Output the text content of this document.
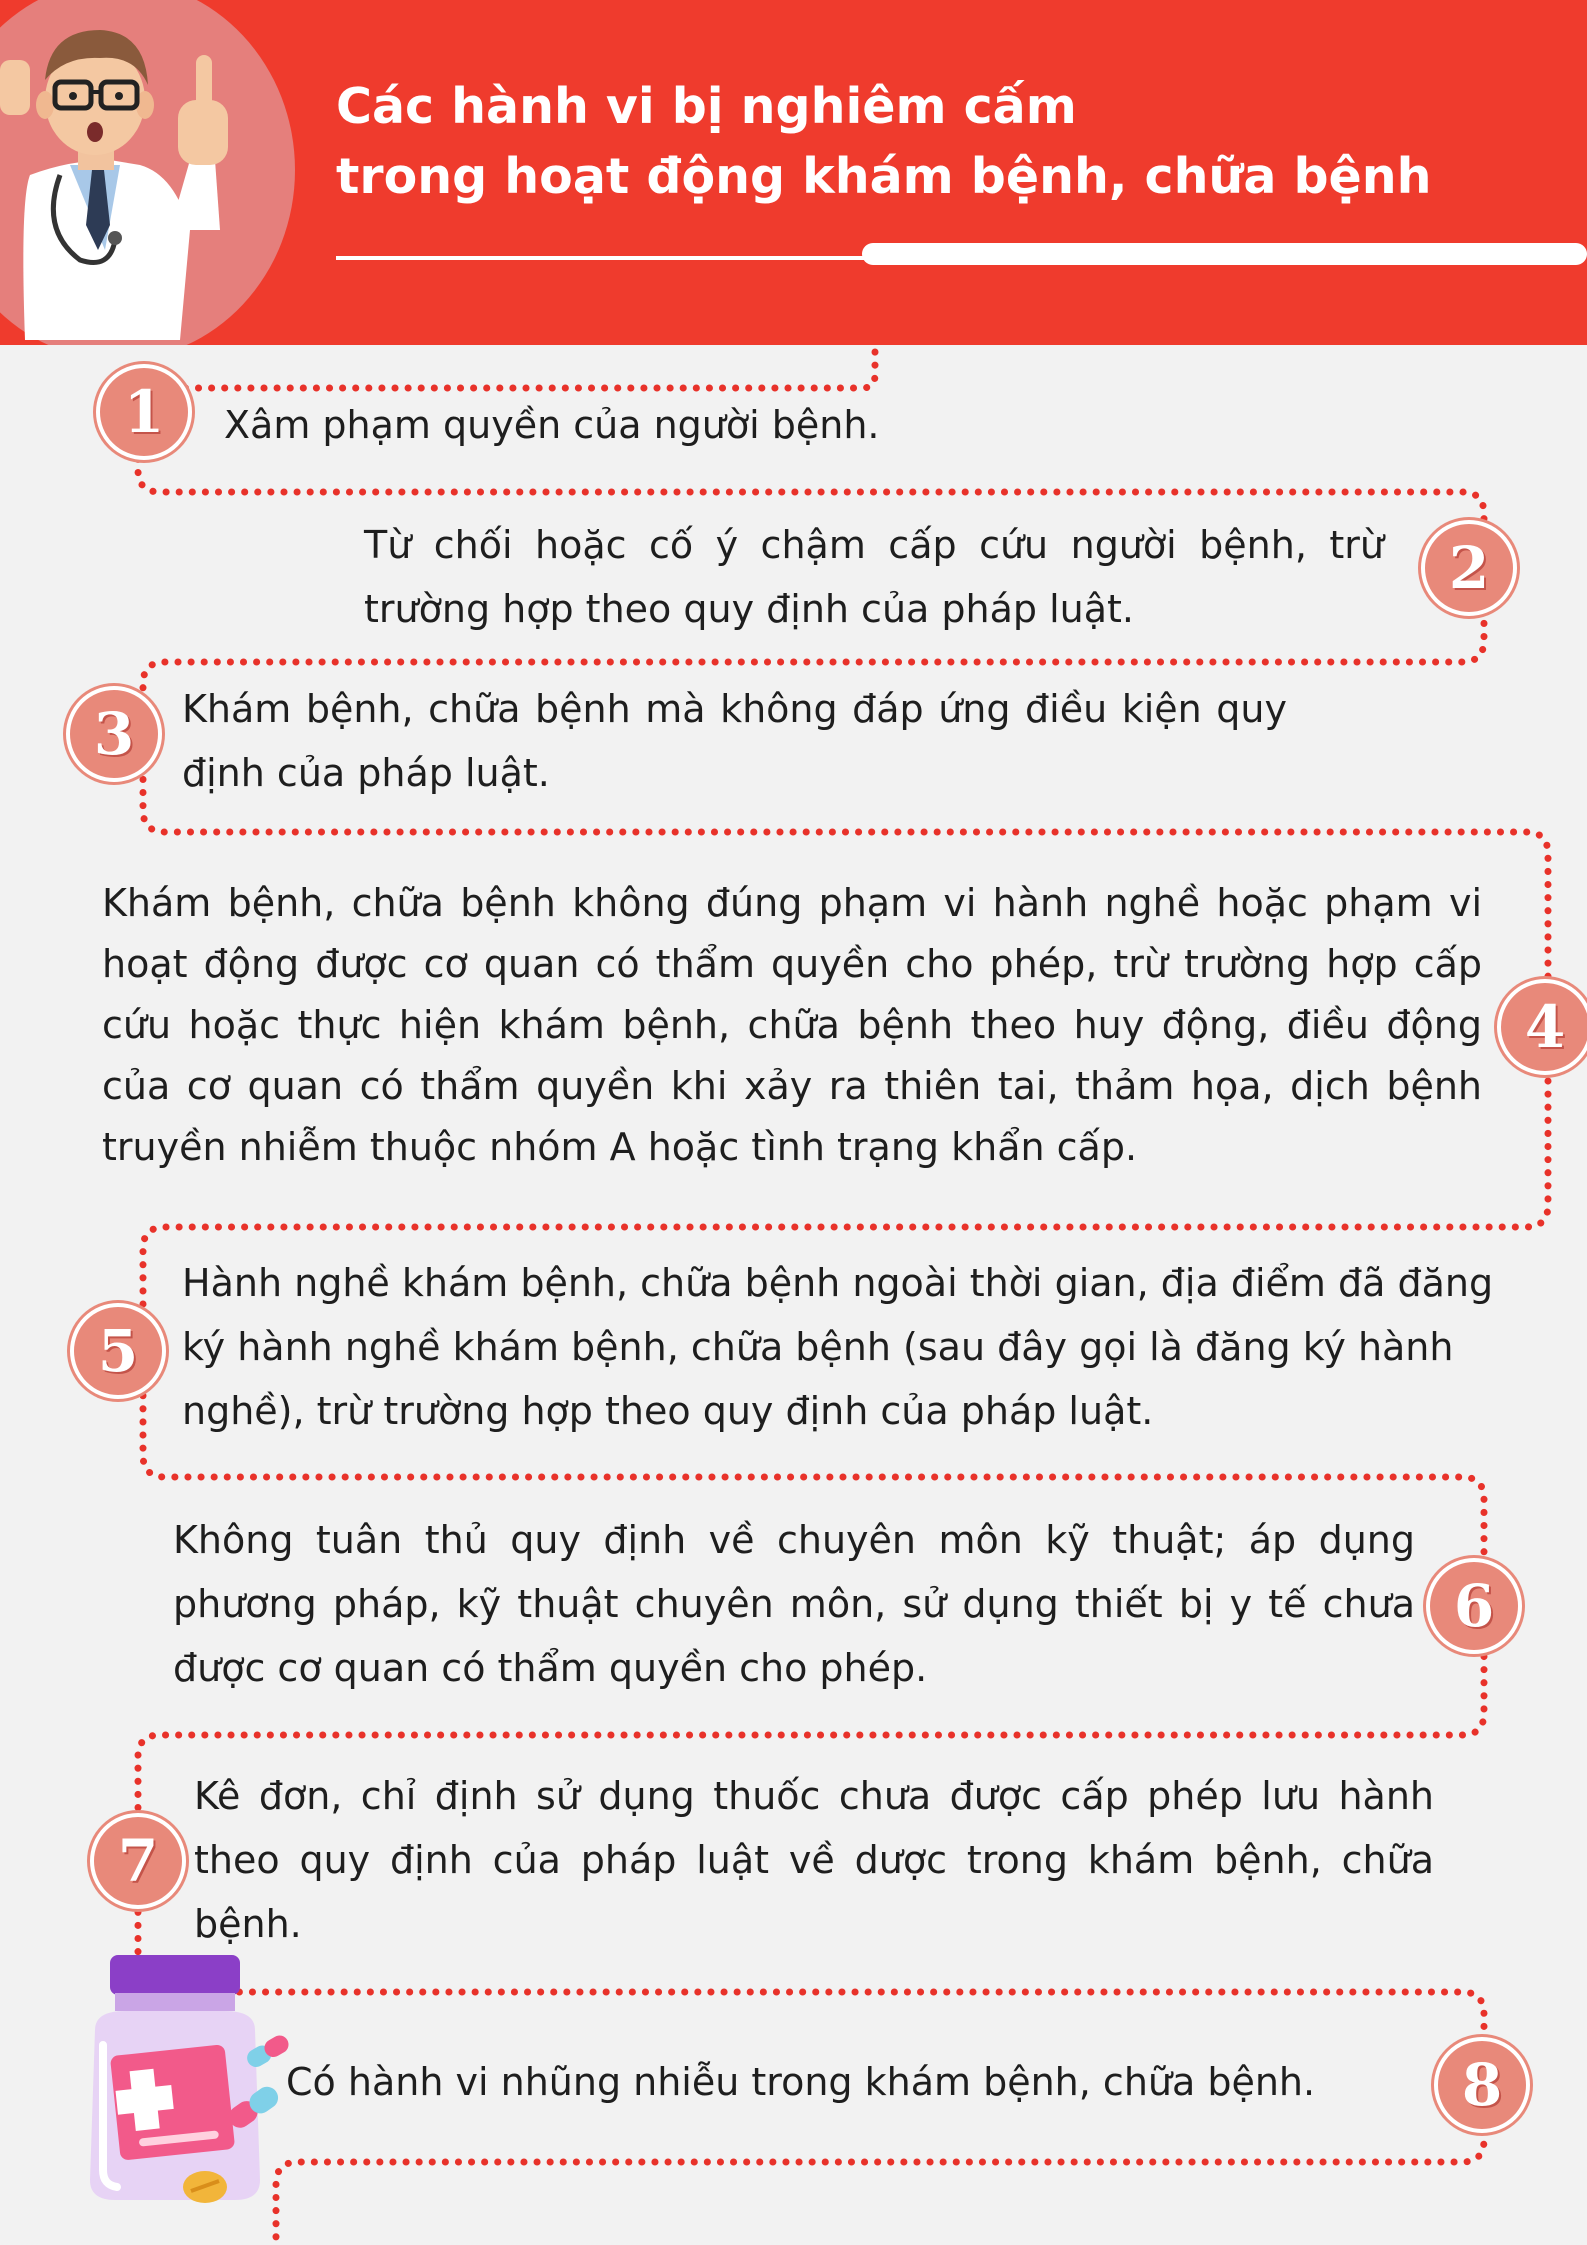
Các hành vi bị nghiêm cấm
trong hoạt động khám bệnh, chữa bệnh
1
2
3
4
5
6
7
8

Xâm phạm quyền của người bệnh.

Từ chối hoặc cố ý chậm cấp cứu người bệnh, trừ trường hợp theo quy định của pháp luật.

Khám bệnh, chữa bệnh mà không đáp ứng điều kiện quy định của pháp luật.

Khám bệnh, chữa bệnh không đúng phạm vi hành nghề hoặc phạm vi hoạt động được cơ quan có thẩm quyền cho phép, trừ trường hợp cấp cứu hoặc thực hiện khám bệnh, chữa bệnh theo huy động, điều động của cơ quan có thẩm quyền khi xảy ra thiên tai, thảm họa, dịch bệnh truyền nhiễm thuộc nhóm A hoặc tình trạng khẩn cấp.

Hành nghề khám bệnh, chữa bệnh ngoài thời gian, địa điểm đã đăng ký hành nghề khám bệnh, chữa bệnh (sau đây gọi là đăng ký hành nghề), trừ trường hợp theo quy định của pháp luật.

Không tuân thủ quy định về chuyên môn kỹ thuật; áp dụng phương pháp, kỹ thuật chuyên môn, sử dụng thiết bị y tế chưa được cơ quan có thẩm quyền cho phép.

Kê đơn, chỉ định sử dụng thuốc chưa được cấp phép lưu hành theo quy định của pháp luật về dược trong khám bệnh, chữa bệnh.

Có hành vi nhũng nhiễu trong khám bệnh, chữa bệnh.
